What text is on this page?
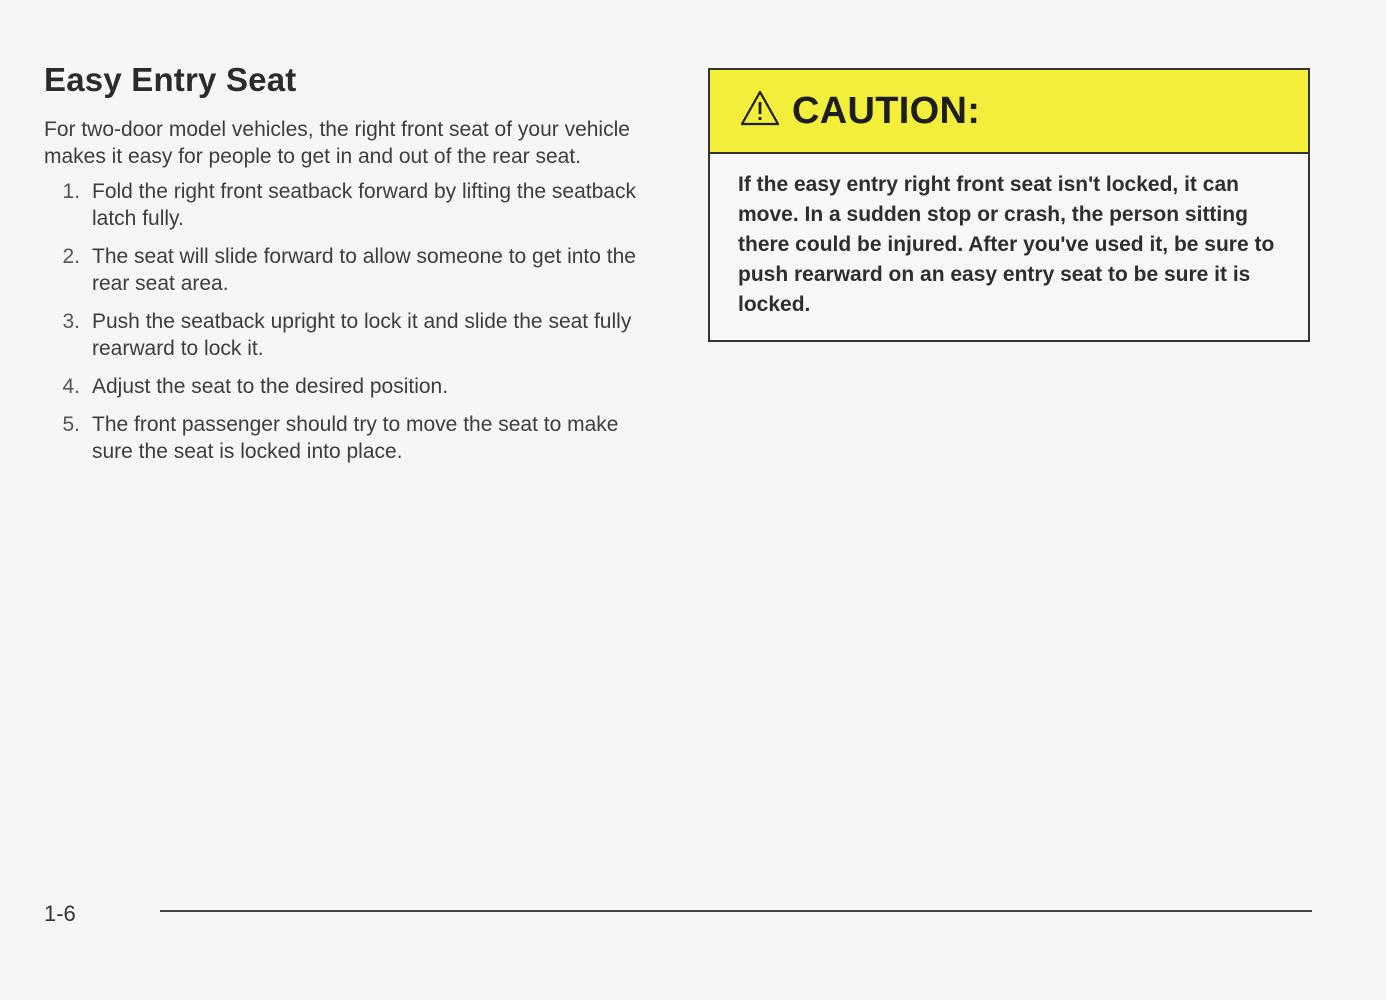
Easy Entry Seat

For two-door model vehicles, the right front seat of your vehicle makes it easy for people to get in and out of the rear seat.

1. Fold the right front seatback forward by lifting the seatback latch fully.
2. The seat will slide forward to allow someone to get into the rear seat area.
3. Push the seatback upright to lock it and slide the seat fully rearward to lock it.
4. Adjust the seat to the desired position.
5. The front passenger should try to move the seat to make sure the seat is locked into place.
CAUTION:

If the easy entry right front seat isn't locked, it can move. In a sudden stop or crash, the person sitting there could be injured. After you've used it, be sure to push rearward on an easy entry seat to be sure it is locked.

1-6
